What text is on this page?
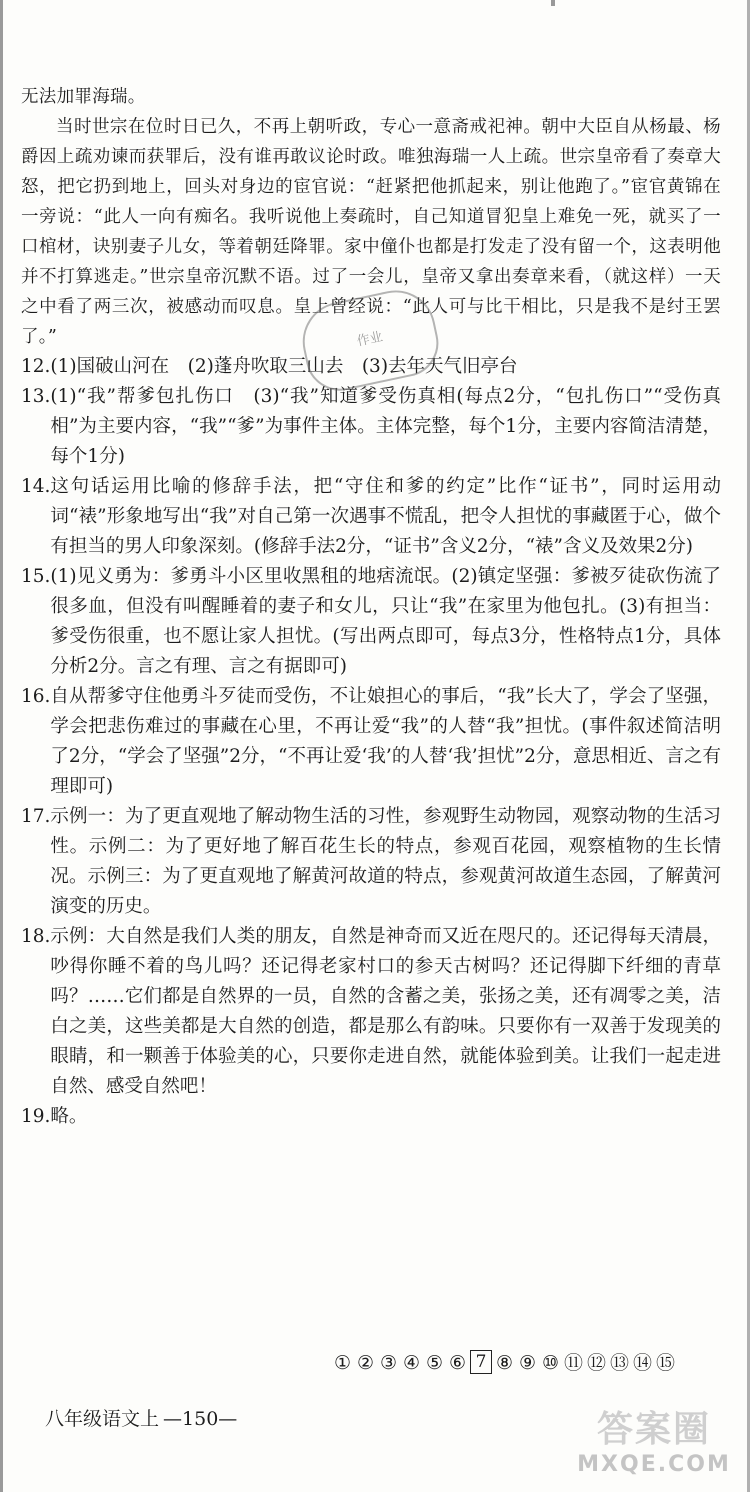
无法加罪海瑞。

当时世宗在位时日已久，不再上朝听政，专心一意斋戒祀神。朝中大臣自从杨最、杨爵因上疏劝谏而获罪后，没有谁再敢议论时政。唯独海瑞一人上疏。世宗皇帝看了奏章大怒，把它扔到地上，回头对身边的宦官说：“赶紧把他抓起来，别让他跑了。”宦官黄锦在一旁说：“此人一向有痴名。我听说他上奏疏时，自己知道冒犯皇上难免一死，就买了一口棺材，诀别妻子儿女，等着朝廷降罪。家中僮仆也都是打发走了没有留一个，这表明他并不打算逃走。”世宗皇帝沉默不语。过了一会儿，皇帝又拿出奏章来看，（就这样）一天之中看了两三次，被感动而叹息。皇上曾经说：“此人可与比干相比，只是我不是纣王罢了。”

12. (1)国破山河在　(2)蓬舟吹取三山去　(3)去年天气旧亭台
13. (1)“我”帮爹包扎伤口　(3)“我”知道爹受伤真相(每点2分，“包扎伤口”“受伤真相”为主要内容，“我”“爹”为事件主体。主体完整，每个1分，主要内容简洁清楚，每个1分)
14. 这句话运用比喻的修辞手法，把“守住和爹的约定”比作“证书”，同时运用动词“裱”形象地写出“我”对自己第一次遇事不慌乱，把令人担忧的事藏匿于心，做个有担当的男人印象深刻。(修辞手法2分，“证书”含义2分，“裱”含义及效果2分)
15. (1)见义勇为：爹勇斗小区里收黑租的地痞流氓。(2)镇定坚强：爹被歹徒砍伤流了很多血，但没有叫醒睡着的妻子和女儿，只让“我”在家里为他包扎。(3)有担当：爹受伤很重，也不愿让家人担忧。(写出两点即可，每点3分，性格特点1分，具体分析2分。言之有理、言之有据即可)
16. 自从帮爹守住他勇斗歹徒而受伤，不让娘担心的事后，“我”长大了，学会了坚强，学会把悲伤难过的事藏在心里，不再让爱“我”的人替“我”担忧。(事件叙述简洁明了2分，“学会了坚强”2分，“不再让爱‘我’的人替‘我’担忧”2分，意思相近、言之有理即可)
17. 示例一：为了更直观地了解动物生活的习性，参观野生动物园，观察动物的生活习性。示例二：为了更好地了解百花生长的特点，参观百花园，观察植物的生长情况。示例三：为了更直观地了解黄河故道的特点，参观黄河故道生态园，了解黄河演变的历史。
18. 示例：大自然是我们人类的朋友，自然是神奇而又近在咫尺的。还记得每天清晨，吵得你睡不着的鸟儿吗？还记得老家村口的参天古树吗？还记得脚下纤细的青草吗？……它们都是自然界的一员，自然的含蓄之美，张扬之美，还有凋零之美，洁白之美，这些美都是大自然的创造，都是那么有韵味。只要你有一双善于发现美的眼睛，和一颗善于体验美的心，只要你走进自然，就能体验到美。让我们一起走进自然、感受自然吧！
19. 略。
作业
① ② ③ ④ ⑤ ⑥ 7 ⑧ ⑨ ⑩ ⑪ ⑫ ⑬ ⑭ ⑮
八年级语文上 —150—	答案圈
MXQE.COM
